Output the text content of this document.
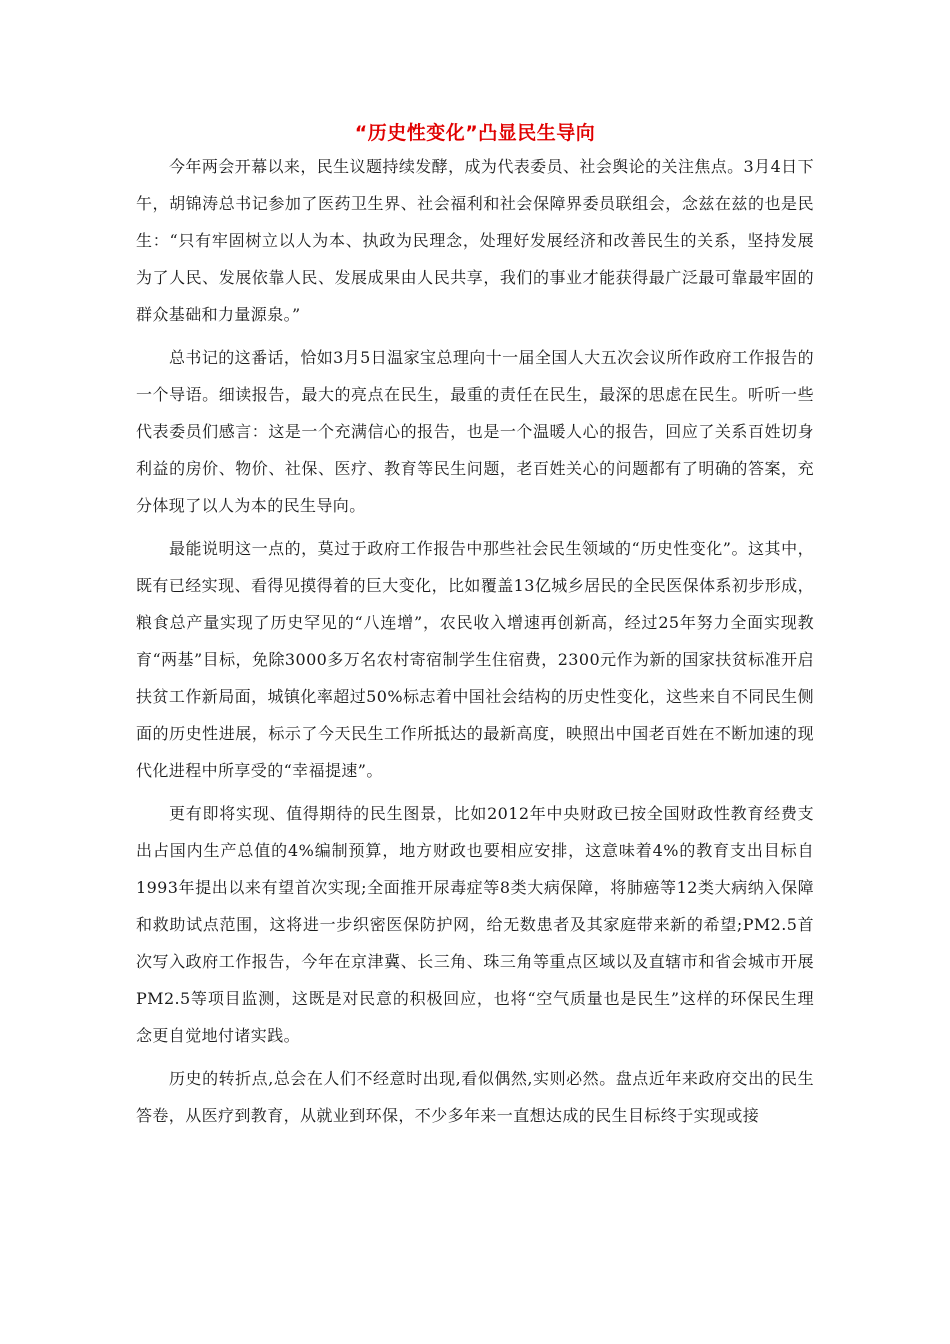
“历史性变化”凸显民生导向

今年两会开幕以来，民生议题持续发酵，成为代表委员、社会舆论的关注焦点。3月4日下午，胡锦涛总书记参加了医药卫生界、社会福利和社会保障界委员联组会，念兹在兹的也是民生：“只有牢固树立以人为本、执政为民理念，处理好发展经济和改善民生的关系，坚持发展为了人民、发展依靠人民、发展成果由人民共享，我们的事业才能获得最广泛最可靠最牢固的群众基础和力量源泉。”

总书记的这番话，恰如3月5日温家宝总理向十一届全国人大五次会议所作政府工作报告的一个导语。细读报告，最大的亮点在民生，最重的责任在民生，最深的思虑在民生。听听一些代表委员们感言：这是一个充满信心的报告，也是一个温暖人心的报告，回应了关系百姓切身利益的房价、物价、社保、医疗、教育等民生问题，老百姓关心的问题都有了明确的答案，充分体现了以人为本的民生导向。

最能说明这一点的，莫过于政府工作报告中那些社会民生领域的“历史性变化”。这其中，既有已经实现、看得见摸得着的巨大变化，比如覆盖13亿城乡居民的全民医保体系初步形成，粮食总产量实现了历史罕见的“八连增”，农民收入增速再创新高，经过25年努力全面实现教育“两基”目标，免除3000多万名农村寄宿制学生住宿费，2300元作为新的国家扶贫标准开启扶贫工作新局面，城镇化率超过50%标志着中国社会结构的历史性变化，这些来自不同民生侧面的历史性进展，标示了今天民生工作所抵达的最新高度，映照出中国老百姓在不断加速的现代化进程中所享受的“幸福提速”。

更有即将实现、值得期待的民生图景，比如2012年中央财政已按全国财政性教育经费支出占国内生产总值的4%编制预算，地方财政也要相应安排，这意味着4%的教育支出目标自1993年提出以来有望首次实现;全面推开尿毒症等8类大病保障，将肺癌等12类大病纳入保障和救助试点范围，这将进一步织密医保防护网，给无数患者及其家庭带来新的希望;PM2.5首次写入政府工作报告，今年在京津冀、长三角、珠三角等重点区域以及直辖市和省会城市开展PM2.5等项目监测，这既是对民意的积极回应，也将“空气质量也是民生”这样的环保民生理念更自觉地付诸实践。

历史的转折点,总会在人们不经意时出现,看似偶然,实则必然。盘点近年来政府交出的民生答卷，从医疗到教育，从就业到环保，不少多年来一直想达成的民生目标终于实现或接
